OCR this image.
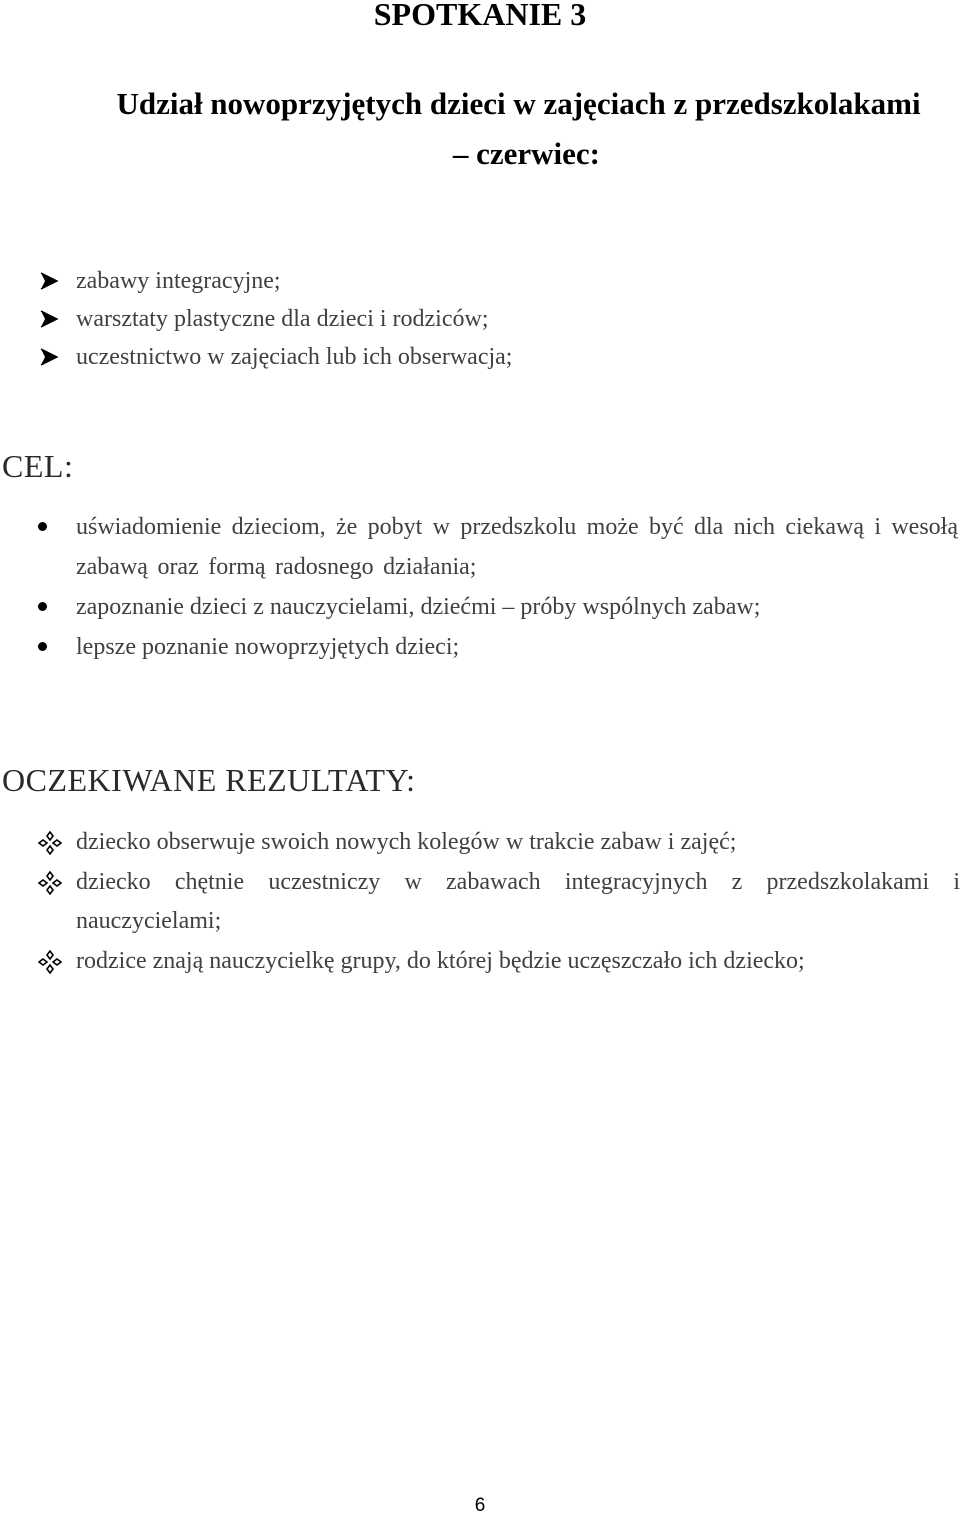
SPOTKANIE 3
Udział nowoprzyjętych dzieci w zajęciach z przedszkolakami
– czerwiec:
zabawy integracyjne;
warsztaty plastyczne dla dzieci i rodziców;
uczestnictwo w zajęciach lub ich obserwacja;
CEL:
uświadomienie dzieciom, że pobyt w przedszkolu może być dla nich ciekawą i wesołą zabawą oraz formą radosnego działania;
zapoznanie dzieci z nauczycielami, dziećmi – próby wspólnych zabaw;
lepsze poznanie nowoprzyjętych dzieci;
OCZEKIWANE REZULTATY:
dziecko obserwuje swoich nowych kolegów w trakcie zabaw i zajęć;
dziecko chętnie uczestniczy w zabawach integracyjnych z przedszkolakami i nauczycielami;
rodzice znają nauczycielkę grupy, do której będzie uczęszczało ich dziecko;
6
